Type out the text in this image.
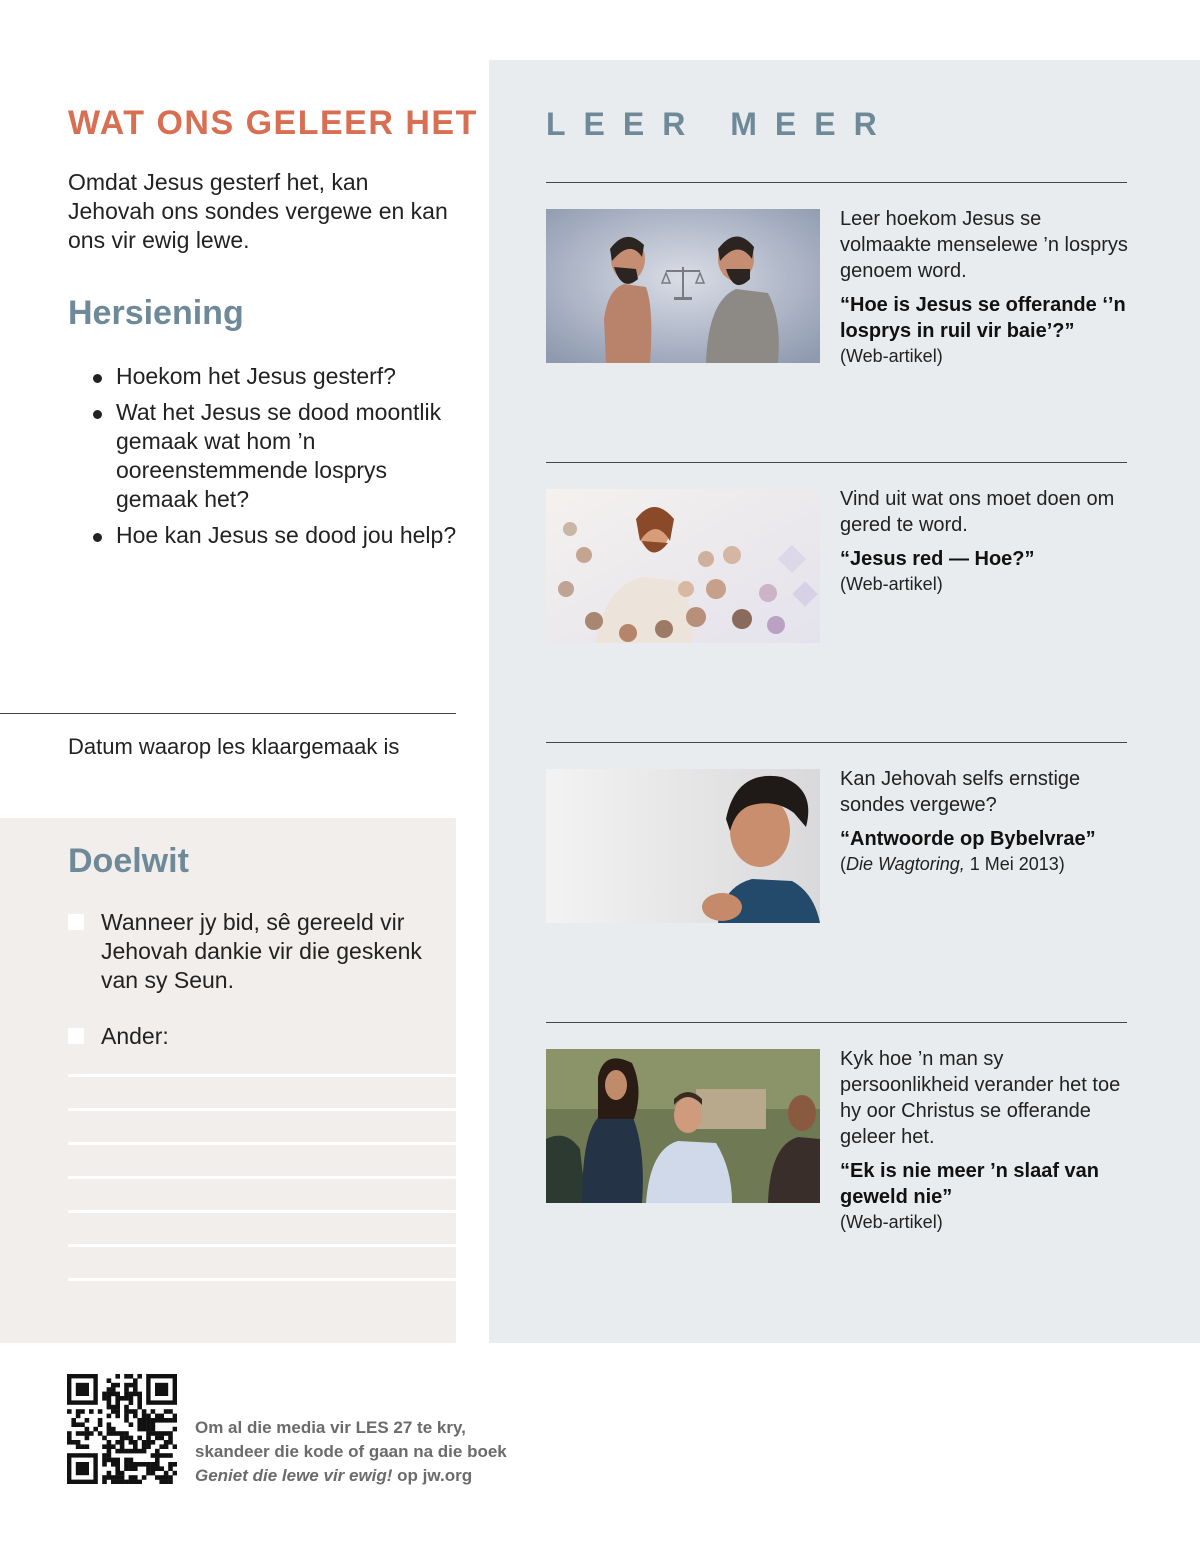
WAT ONS GELEER HET

Omdat Jesus gesterf het, kan Jehovah ons sondes vergewe en kan ons vir ewig lewe.

Hersiening
Hoekom het Jesus gesterf?
Wat het Jesus se dood moontlik gemaak wat hom ’n ooreenstemmende losprys gemaak het?
Hoe kan Jesus se dood jou help?

Datum waarop les klaargemaak is

Doelwit
Wanneer jy bid, sê gereeld vir Jehovah dankie vir die geskenk van sy Seun.
Ander:
LEER MEER

Leer hoekom Jesus se volmaakte menselewe ’n losprys genoem word.

“Hoe is Jesus se offerande ‘’n losprys in ruil vir baie’?”

(Web-artikel)

Vind uit wat ons moet doen om gered te word.

“Jesus red — Hoe?”

(Web-artikel)

Kan Jehovah selfs ernstige sondes vergewe?

“Antwoorde op Bybelvrae”

(Die Wagtoring, 1 Mei 2013)

Kyk hoe ’n man sy persoonlikheid verander het toe hy oor Christus se offerande geleer het.

“Ek is nie meer ’n slaaf van geweld nie”

(Web-artikel)

Om al die media vir LES 27 te kry,
skandeer die kode of gaan na die boek
Geniet die lewe vir ewig! op jw.org
